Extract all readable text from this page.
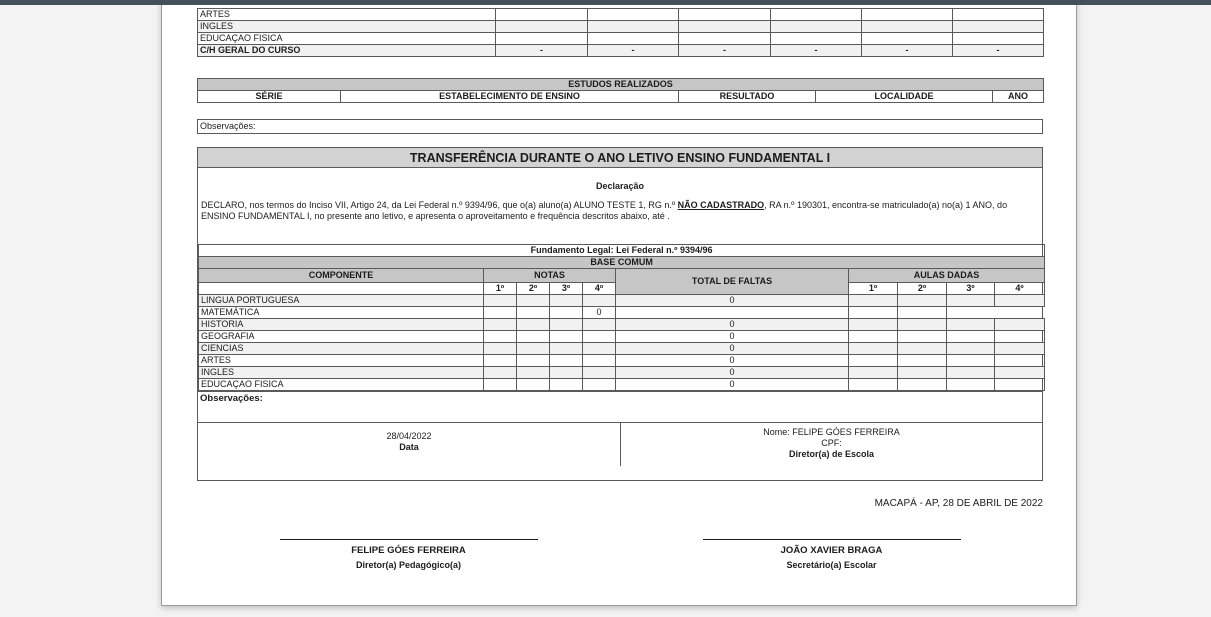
ARTES						
INGLES						
EDUCAÇAO FISICA						
C/H GERAL DO CURSO	-	-	-	-	-	-
ESTUDOS REALIZADOS
SÉRIE	ESTABELECIMENTO DE ENSINO	RESULTADO	LOCALIDADE	ANO
Observações:
TRANSFERÊNCIA DURANTE O ANO LETIVO ENSINO FUNDAMENTAL I
Declaração
DECLARO, nos termos do Inciso VII, Artigo 24, da Lei Federal n.º 9394/96, que o(a) aluno(a) ALUNO TESTE 1, RG n.º NÃO CADASTRADO, RA n.º 190301, encontra-se matriculado(a) no(a) 1 ANO, do ENSINO FUNDAMENTAL I, no presente ano letivo, e apresenta o aproveitamento e frequência descritos abaixo, até .
Fundamento Legal: Lei Federal n.º 9394/96									
BASE COMUM									
COMPONENTE	NOTAS				TOTAL DE FALTAS	AULAS DADAS			
	1º	2º	3º	4º		1º	2º	3º	4º
LINGUA PORTUGUESA					0				
MATEMÁTICA				0					
HISTORIA					0				
GEOGRAFIA					0				
CIENCIAS					0				
ARTES					0				
INGLES					0				
EDUCAÇAO FISICA					0				
Observações:
28/04/2022
Data
Nome: FELIPE GÓES FERREIRA
CPF:
Diretor(a) de Escola
MACAPÁ - AP, 28 DE ABRIL DE 2022
FELIPE GÓES FERREIRA
Diretor(a) Pedagógico(a)
JOÃO XAVIER BRAGA
Secretário(a) Escolar
